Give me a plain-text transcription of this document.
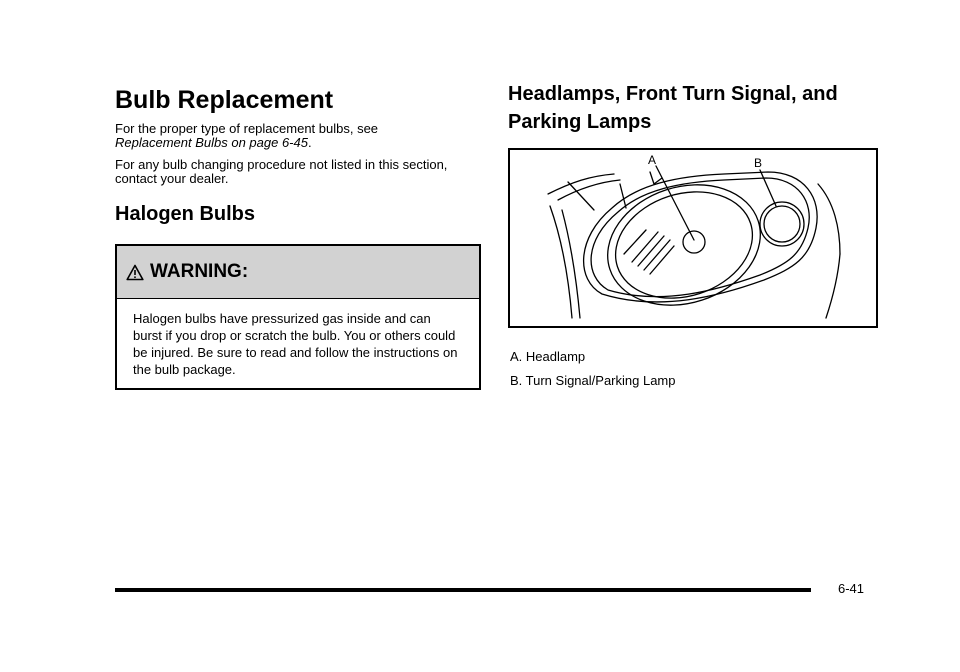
Bulb Replacement

For the proper type of replacement bulbs, see
Replacement Bulbs on page 6-45.

For any bulb changing procedure not listed in this section, contact your dealer.

Halogen Bulbs
WARNING:
Halogen bulbs have pressurized gas inside and can burst if you drop or scratch the bulb. You or others could be injured. Be sure to read and follow the instructions on the bulb package.
Headlamps, Front Turn Signal, and Parking Lamps
A	B
A. Headlamp
B. Turn Signal/Parking Lamp
6-41
